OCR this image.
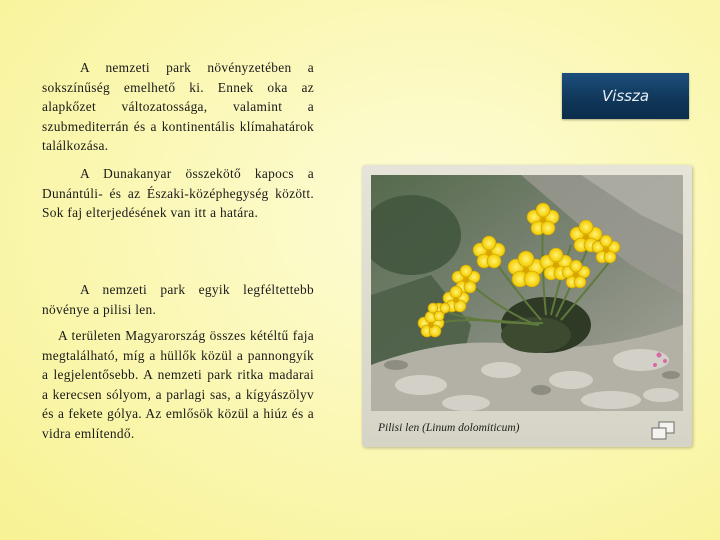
A nemzeti park növényzetében a sokszínűség emelhető ki. Ennek oka az alapkőzet változatossága, valamint a szubmediterrán és a kontinentális klímahatárok találkozása.

A Dunakanyar összekötő kapocs a Dunántúli- és az Északi-középhegység között. Sok faj elterjedésének van itt a határa.

A nemzeti park egyik legféltettebb növénye a pilisi len.

A területen Magyarország összes kétéltű faja megtalálható, míg a hüllők közül a pannongyík a legjelentősebb. A nemzeti park ritka madarai a kerecsen sólyom, a parlagi sas, a kígyászölyv és a fekete gólya. Az emlősök közül a hiúz és a vidra említendő.

Vissza
Pilisi len (Linum dolomiticum)
